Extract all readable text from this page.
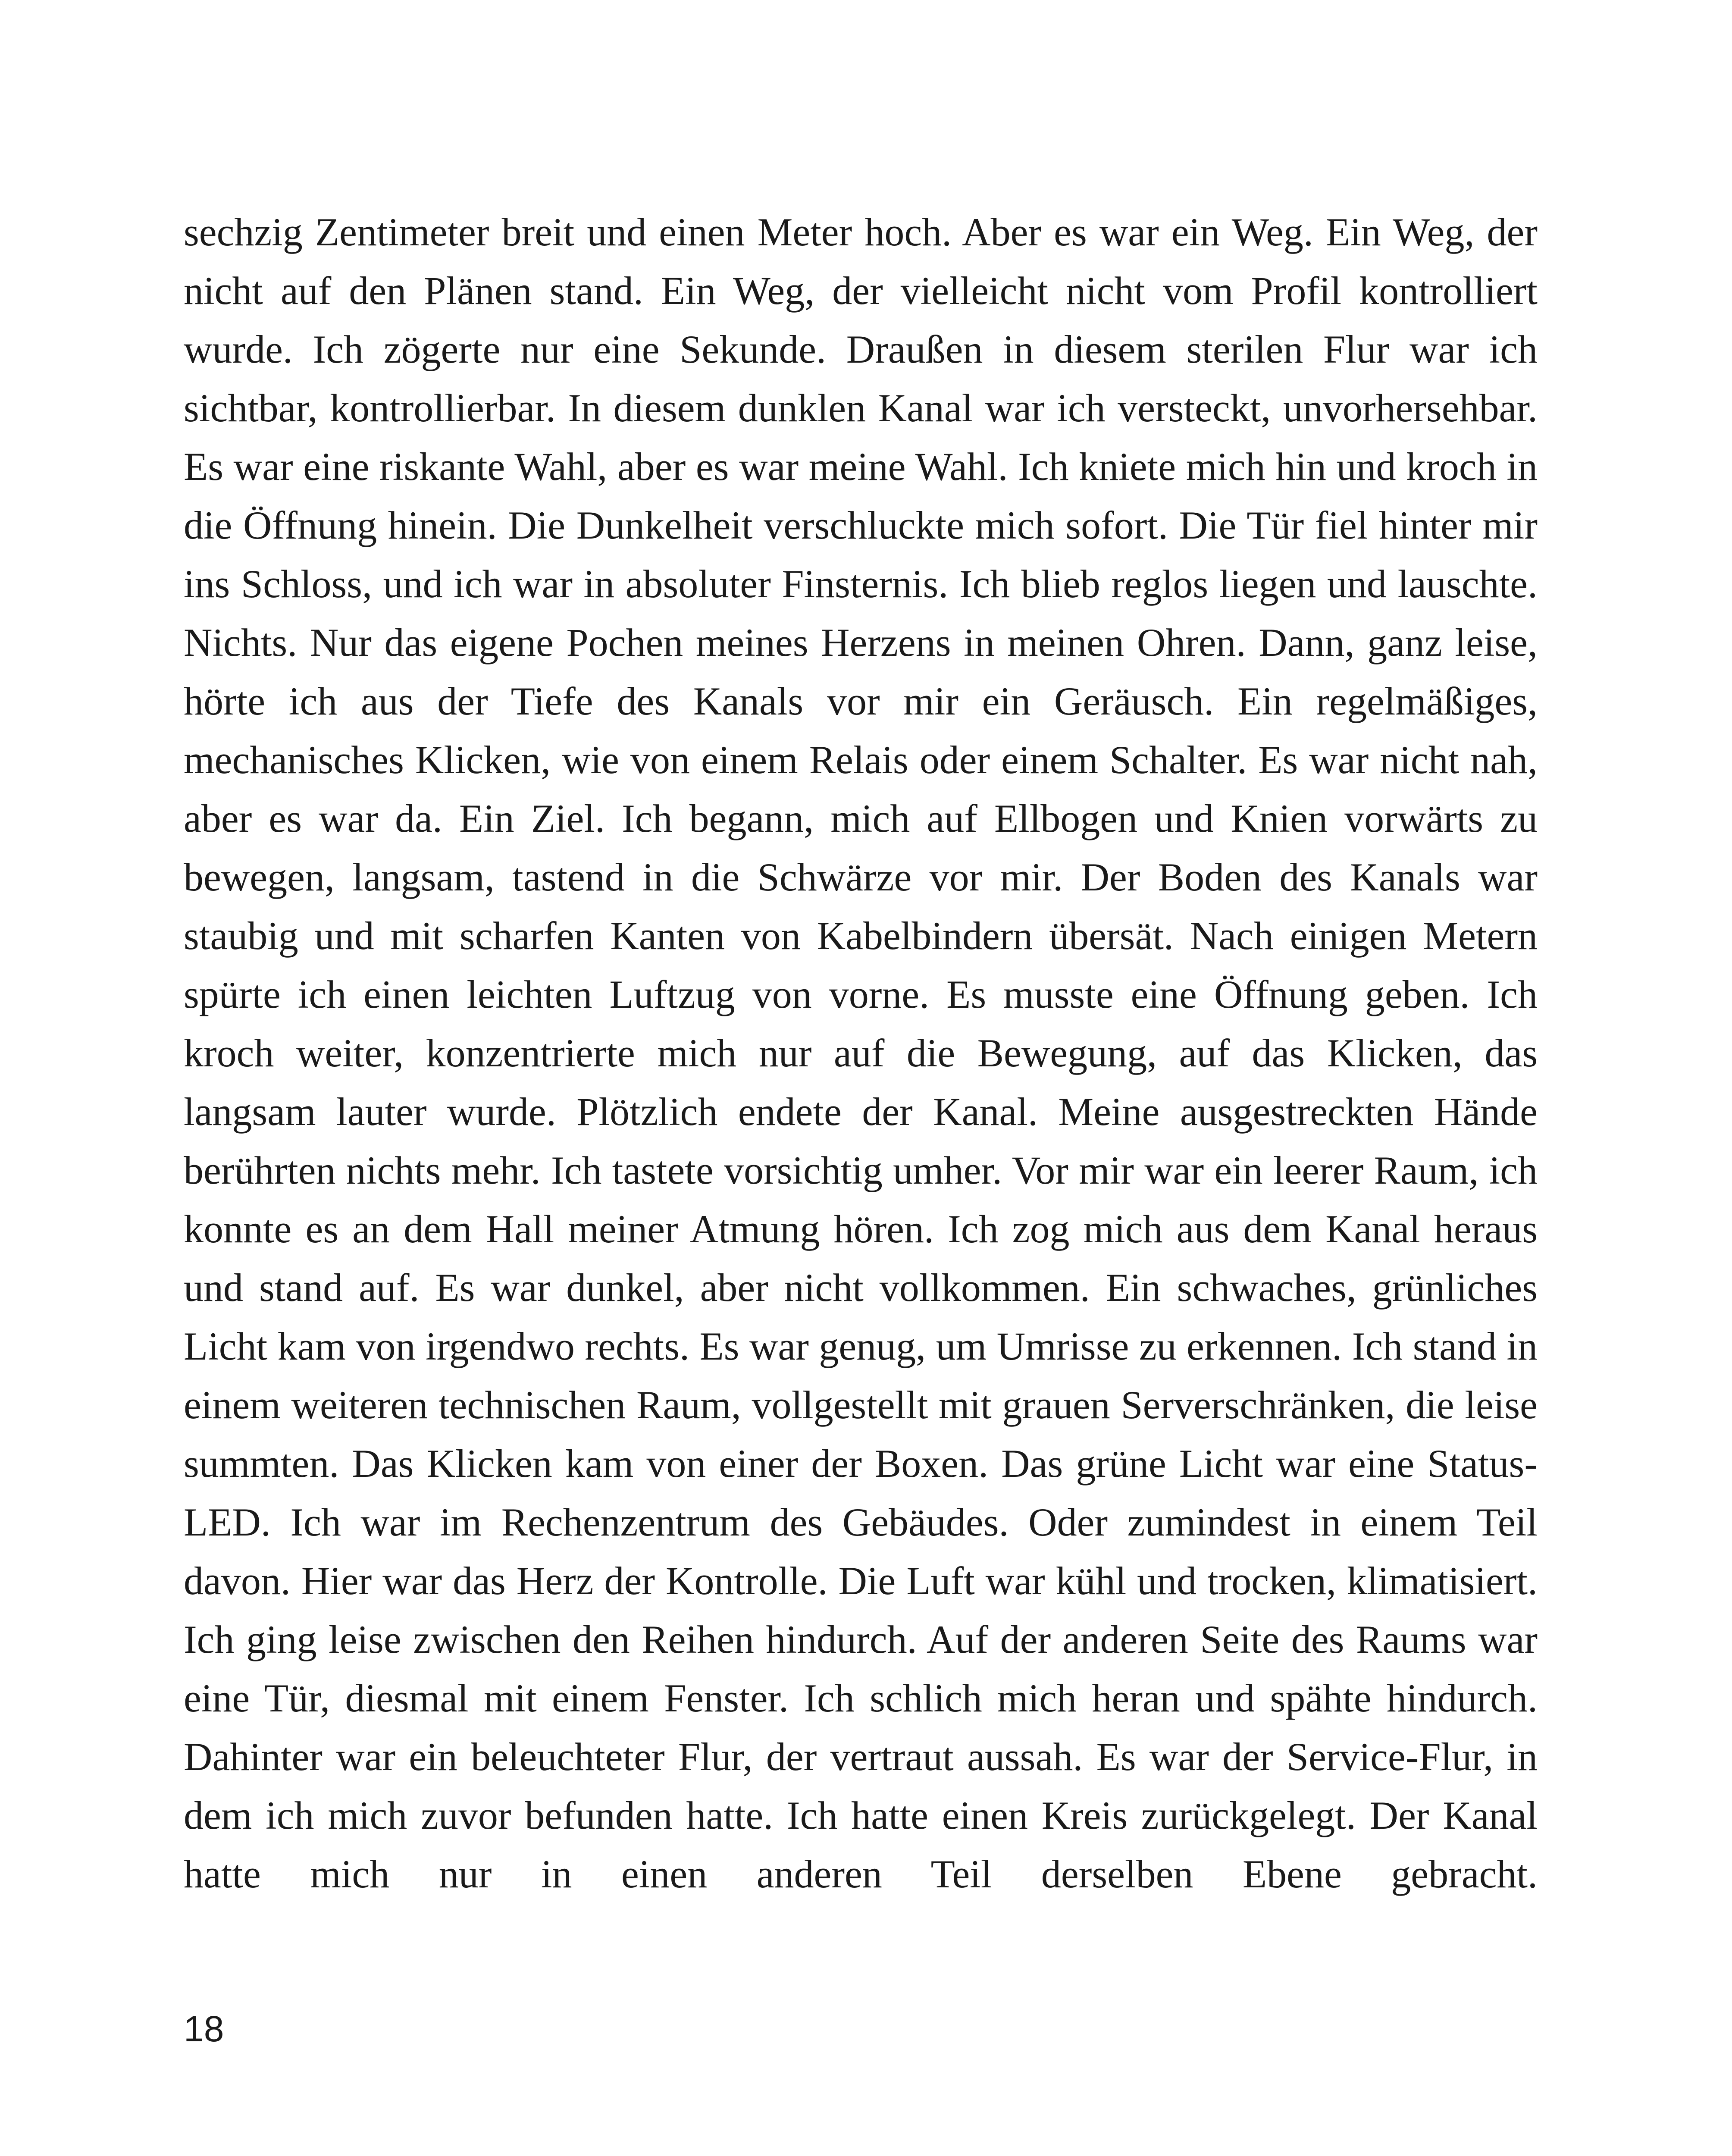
sechzig Zentimeter breit und einen Meter hoch. Aber es war ein Weg. Ein Weg, der nicht auf den Plänen stand. Ein Weg, der vielleicht nicht vom Profil kontrolliert wurde. Ich zögerte nur eine Sekunde. Draußen in diesem sterilen Flur war ich sichtbar, kontrollierbar. In diesem dunklen Kanal war ich versteckt, unvorhersehbar. Es war eine riskante Wahl, aber es war meine Wahl. Ich kniete mich hin und kroch in die Öffnung hinein. Die Dunkelheit verschluckte mich sofort. Die Tür fiel hinter mir ins Schloss, und ich war in absoluter Finsternis. Ich blieb reglos liegen und lauschte. Nichts. Nur das eigene Pochen meines Herzens in meinen Ohren. Dann, ganz leise, hörte ich aus der Tiefe des Kanals vor mir ein Geräusch. Ein regelmäßiges, mechanisches Klicken, wie von einem Relais oder einem Schalter. Es war nicht nah, aber es war da. Ein Ziel. Ich begann, mich auf Ellbogen und Knien vorwärts zu bewegen, langsam, tastend in die Schwärze vor mir. Der Boden des Kanals war staubig und mit scharfen Kanten von Kabelbindern übersät. Nach einigen Metern spürte ich einen leichten Luftzug von vorne. Es musste eine Öffnung geben. Ich kroch weiter, konzentrierte mich nur auf die Bewegung, auf das Klicken, das langsam lauter wurde. Plötzlich endete der Kanal. Meine ausgestreckten Hände berührten nichts mehr. Ich tastete vorsichtig umher. Vor mir war ein leerer Raum, ich konnte es an dem Hall meiner Atmung hören. Ich zog mich aus dem Kanal heraus und stand auf. Es war dunkel, aber nicht vollkommen. Ein schwaches, grünliches Licht kam von irgendwo rechts. Es war genug, um Umrisse zu erkennen. Ich stand in einem weiteren technischen Raum, vollgestellt mit grauen Serverschränken, die leise summten. Das Klicken kam von einer der Boxen. Das grüne Licht war eine Status-LED. Ich war im Rechenzentrum des Gebäudes. Oder zumindest in einem Teil davon. Hier war das Herz der Kontrolle. Die Luft war kühl und trocken, klimatisiert. Ich ging leise zwischen den Reihen hindurch. Auf der anderen Seite des Raums war eine Tür, diesmal mit einem Fenster. Ich schlich mich heran und spähte hindurch. Dahinter war ein beleuchteter Flur, der vertraut aussah. Es war der Service-Flur, in dem ich mich zuvor befunden hatte. Ich hatte einen Kreis zurückgelegt. Der Kanal hatte mich nur in einen anderen Teil derselben Ebene gebracht.

18
